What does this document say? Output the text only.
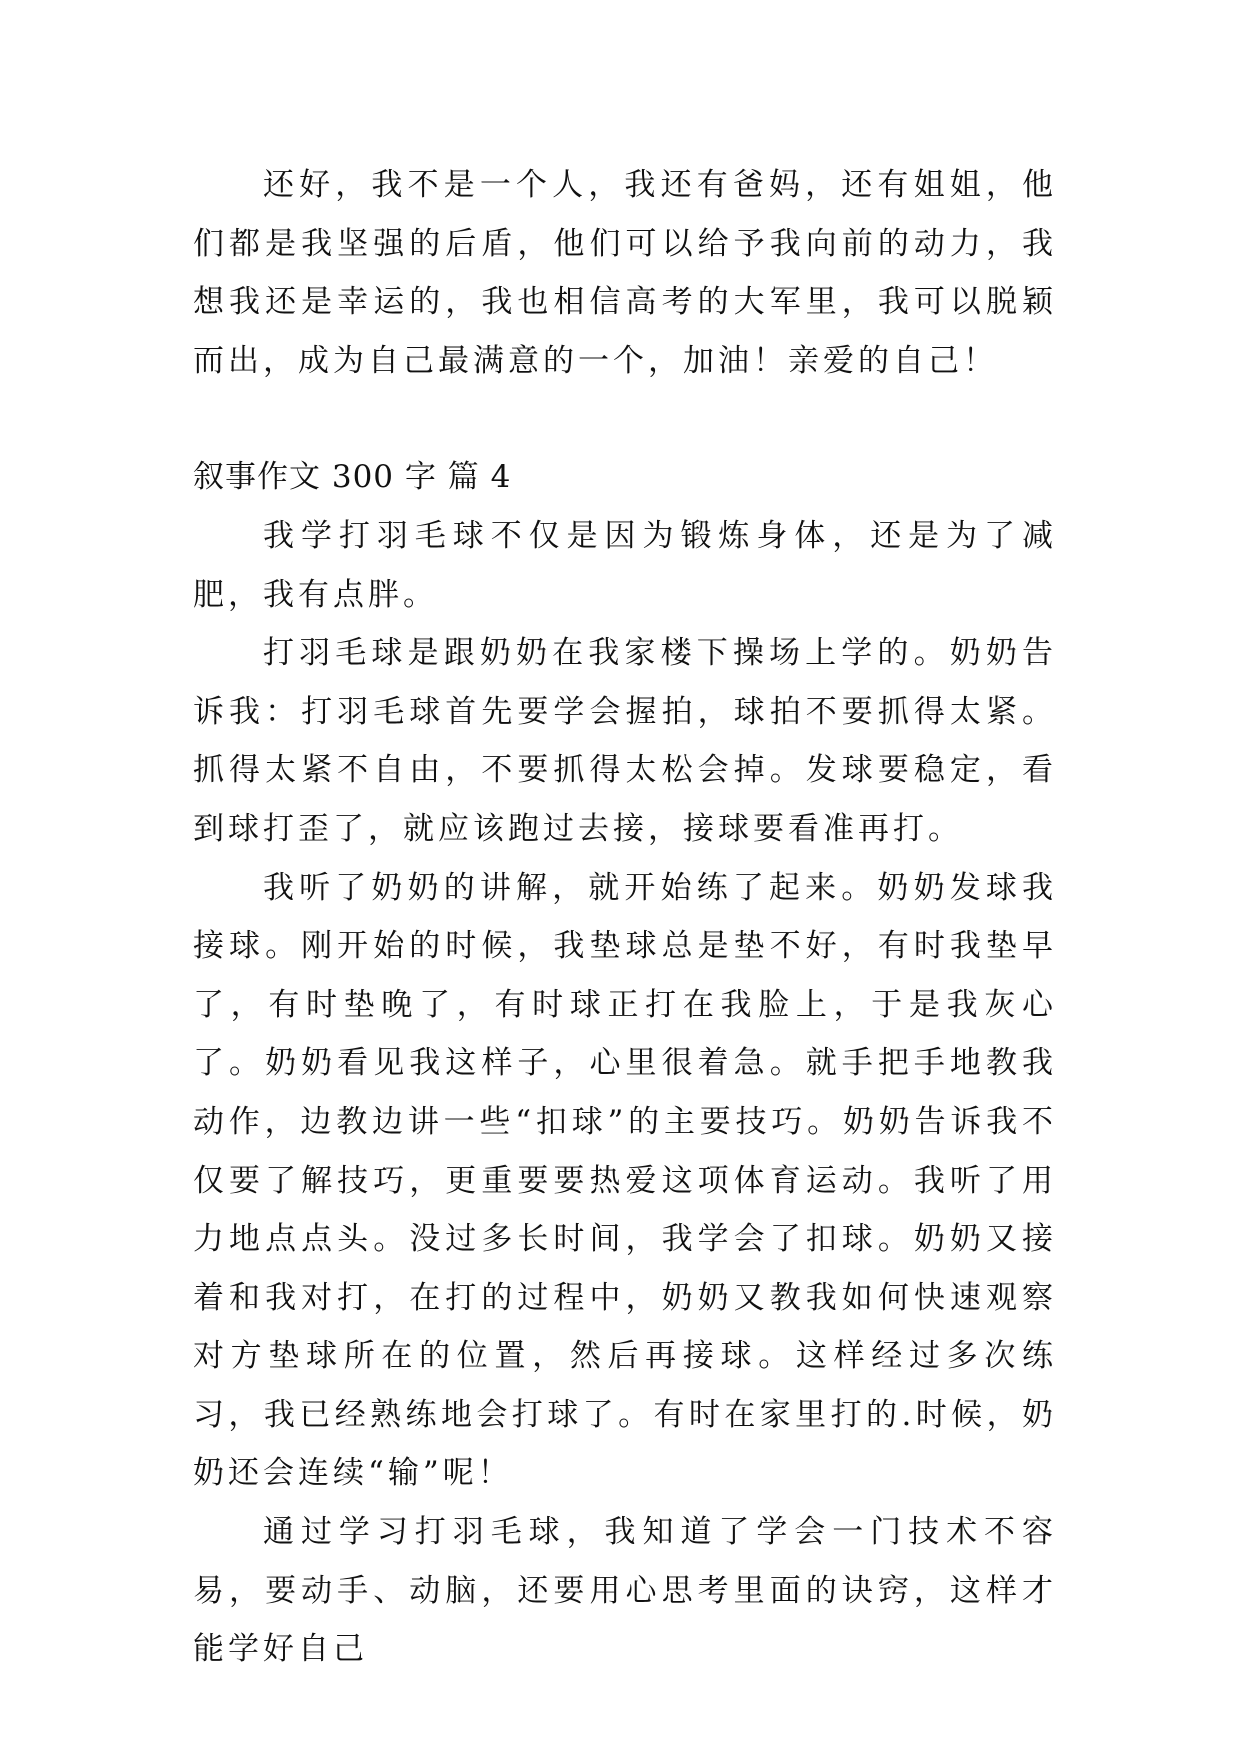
还好，我不是一个人，我还有爸妈，还有姐姐，他们都是我坚强的后盾，他们可以给予我向前的动力，我想我还是幸运的，我也相信高考的大军里，我可以脱颖而出，成为自己最满意的一个，加油！亲爱的自己！

叙事作文 300 字 篇 4

我学打羽毛球不仅是因为锻炼身体，还是为了减肥，我有点胖。

打羽毛球是跟奶奶在我家楼下操场上学的。奶奶告诉我：打羽毛球首先要学会握拍，球拍不要抓得太紧。抓得太紧不自由，不要抓得太松会掉。发球要稳定，看到球打歪了，就应该跑过去接，接球要看准再打。

我听了奶奶的讲解，就开始练了起来。奶奶发球我接球。刚开始的时候，我垫球总是垫不好，有时我垫早了，有时垫晚了，有时球正打在我脸上，于是我灰心了。奶奶看见我这样子，心里很着急。就手把手地教我动作，边教边讲一些“扣球”的主要技巧。奶奶告诉我不仅要了解技巧，更重要要热爱这项体育运动。我听了用力地点点头。没过多长时间，我学会了扣球。奶奶又接着和我对打，在打的过程中，奶奶又教我如何快速观察对方垫球所在的位置，然后再接球。这样经过多次练习，我已经熟练地会打球了。有时在家里打的.时候，奶奶还会连续“输”呢！

通过学习打羽毛球，我知道了学会一门技术不容易，要动手、动脑，还要用心思考里面的诀窍，这样才能学好自己
